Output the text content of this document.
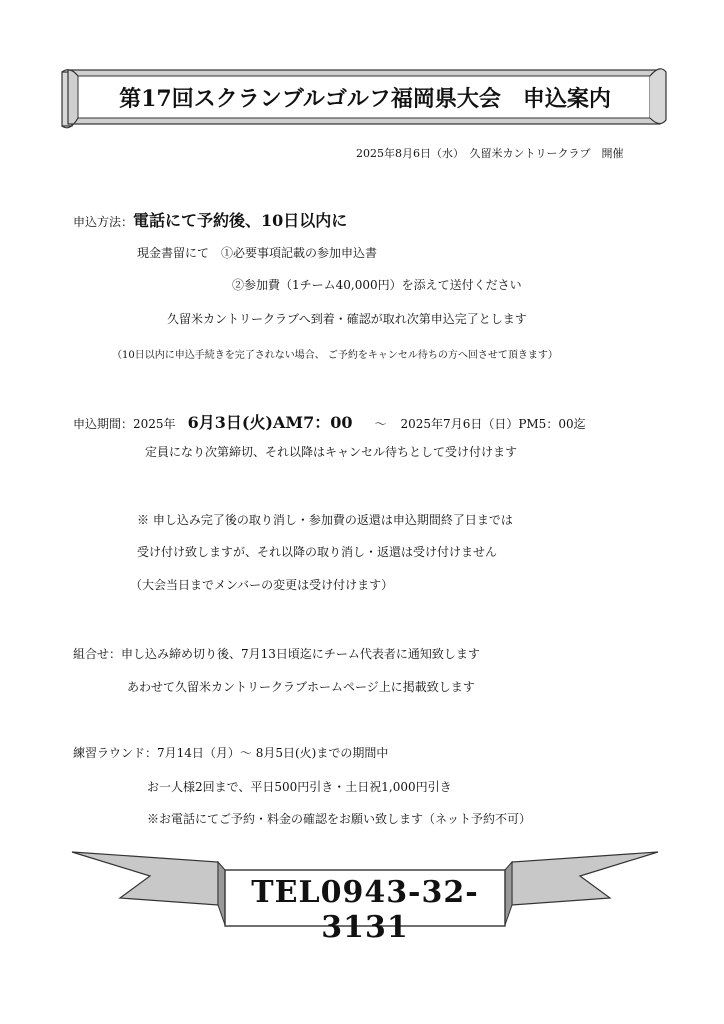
第17回スクランブルゴルフ福岡県大会　申込案内
2025年8月6日（水）　久留米カントリークラブ　開催
申込方法：電話にて予約後、10日以内に
現金書留にて　①必要事項記載の参加申込書
②参加費（1チーム40,000円）を添えて送付ください
久留米カントリークラブへ到着・確認が取れ次第申込完了とします
（10日以内に申込手続きを完了されない場合、 ご予約をキャンセル待ちの方へ回させて頂きます）
申込期間：2025年 6月3日(火)AM7：00 ～ 2025年7月6日（日）PM5：00迄
定員になり次第締切、それ以降はキャンセル待ちとして受け付けます
※ 申し込み完了後の取り消し・参加費の返還は申込期間終了日までは
受け付け致しますが、それ以降の取り消し・返還は受け付けません
（大会当日までメンバーの変更は受け付けます）
組合せ：申し込み締め切り後、7月13日頃迄にチーム代表者に通知致します
あわせて久留米カントリークラブホームページ上に掲載致します
練習ラウンド：7月14日（月）～ 8月5日(火)までの期間中
お一人様2回まで、平日500円引き・土日祝1,000円引き
※お電話にてご予約・料金の確認をお願い致します（ネット予約不可）
TEL0943-32-3131
